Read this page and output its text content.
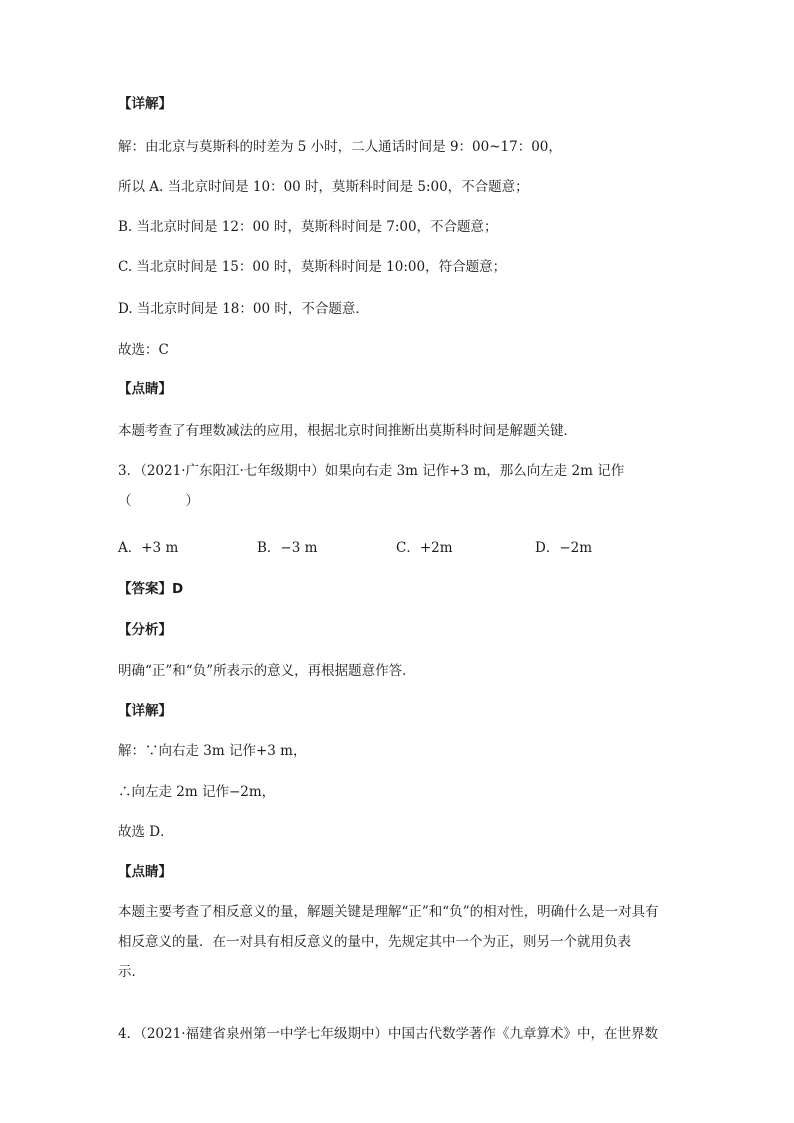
【详解】
解：由北京与莫斯科的时差为 5 小时，二人通话时间是 9：00~17：00，
所以 A. 当北京时间是 10：00 时，莫斯科时间是 5:00，不合题意；
B. 当北京时间是 12：00 时，莫斯科时间是 7:00，不合题意；
C. 当北京时间是 15：00 时，莫斯科时间是 10:00，符合题意；
D. 当北京时间是 18：00 时，不合题意．
故选：C
【点睛】
本题考查了有理数减法的应用，根据北京时间推断出莫斯科时间是解题关键．
3．（2021·广东阳江·七年级期中）如果向右走 3m 记作+3 m，那么向左走 2m 记作
（　　　　）
A．+3 m	B．−3 m	C．+2m	D．−2m
【答案】D
【分析】
明确“正”和“负”所表示的意义，再根据题意作答．
【详解】
解：∵向右走 3m 记作+3 m，
∴向左走 2m 记作−2m，
故选 D．
【点睛】
本题主要考查了相反意义的量，解题关键是理解“正”和“负”的相对性，明确什么是一对具有
相反意义的量．在一对具有相反意义的量中，先规定其中一个为正，则另一个就用负表
示．
4．（2021·福建省泉州第一中学七年级期中）中国古代数学著作《九章算术》中，在世界数
